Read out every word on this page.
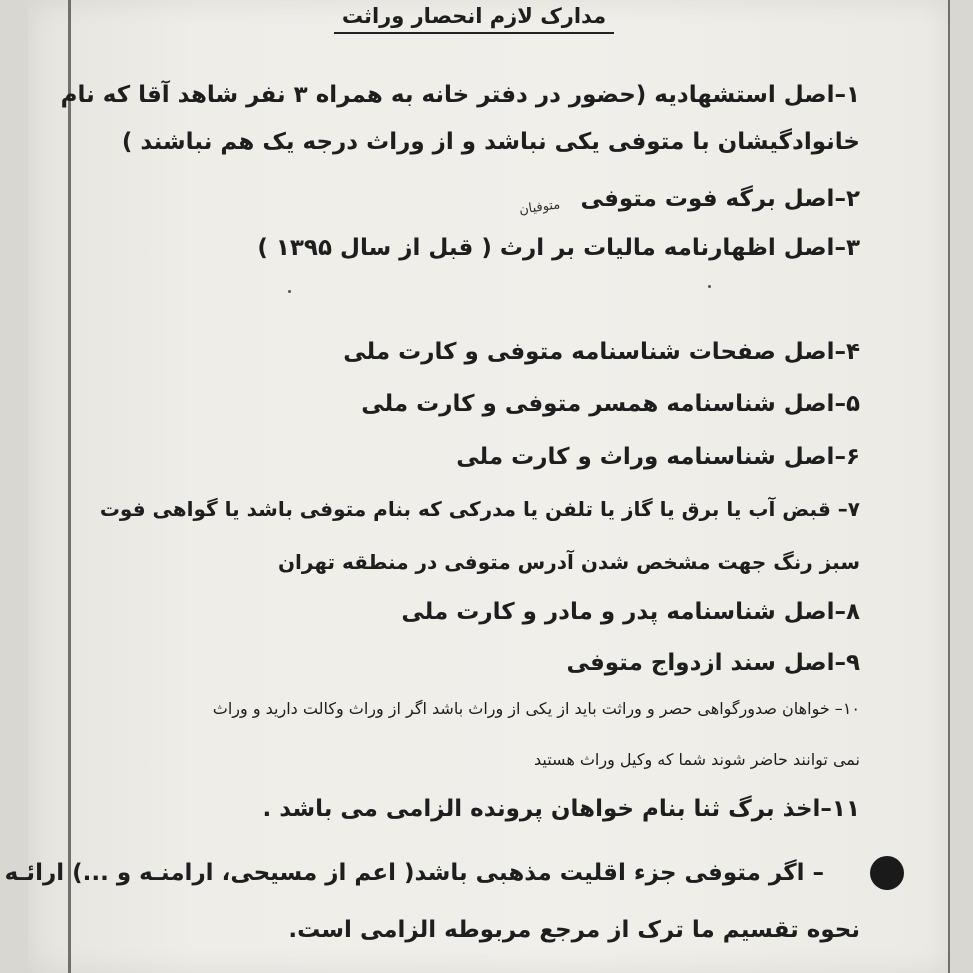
مدارک لازم انحصار وراثت
۱–اصل استشهادیه (حضور در دفتر خانه به همراه ۳ نفر شاهد آقا که نام
خانوادگیشان با متوفی یکی نباشد و از وراث درجه یک هم نباشند )
۲–اصل برگه فوت متوفی
متوفیان
۳–اصل اظهارنامه مالیات بر ارث ( قبل از سال ۱۳۹۵ )
۴–اصل صفحات شناسنامه متوفی و کارت ملی
۵–اصل شناسنامه همسر متوفی و کارت ملی
۶–اصل شناسنامه وراث و کارت ملی
۷– قبض آب یا برق یا گاز یا تلفن یا مدرکی که بنام متوفی باشد یا گواهی فوت
سبز رنگ جهت مشخص شدن آدرس متوفی در منطقه تهران
۸–اصل شناسنامه پدر و مادر و کارت ملی
۹–اصل سند ازدواج متوفی
۱۰– خواهان صدورگواهی حصر و وراثت باید از یکی از وراث باشد اگر از وراث وکالت دارید و وراث
نمی توانند حاضر شوند شما که وکیل وراث هستید
۱۱–اخذ برگ ثنا بنام خواهان پرونده الزامی می باشد .
– اگر متوفی جزء اقلیت مذهبی باشد( اعم از مسیحی، ارامنـه و ...) ارائـه
نحوه تقسیم ما ترک از مرجع مربوطه الزامی است.
